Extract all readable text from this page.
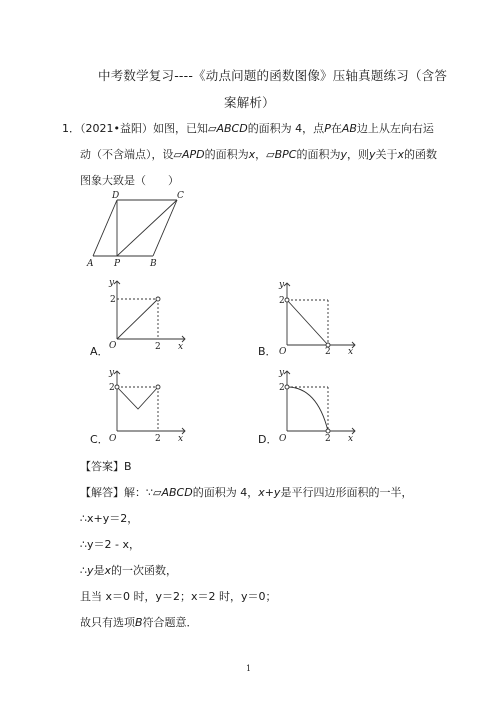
中考数学复习----《动点问题的函数图像》压轴真题练习（含答
案解析）
1．（2021•益阳）如图，已知▱ABCD的面积为 4，点P在AB边上从左向右运
动（不含端点），设▱APD的面积为x，▱BPC的面积为y，则y关于x的函数
图象大致是（　　）
A P	B
D	C
A．
y
x
O
2
2	B．
y
x
O
2
2
C．
y
x
O
2
2	D．
y
x
O
2
2
【答案】B
【解答】解：∵▱ABCD的面积为 4，x+y是平行四边形面积的一半，
∴x+y＝2，
∴y＝2 - x，
∴y是x的一次函数，
且当 x＝0 时，y＝2；x＝2 时，y＝0；
故只有选项B符合题意．
1
